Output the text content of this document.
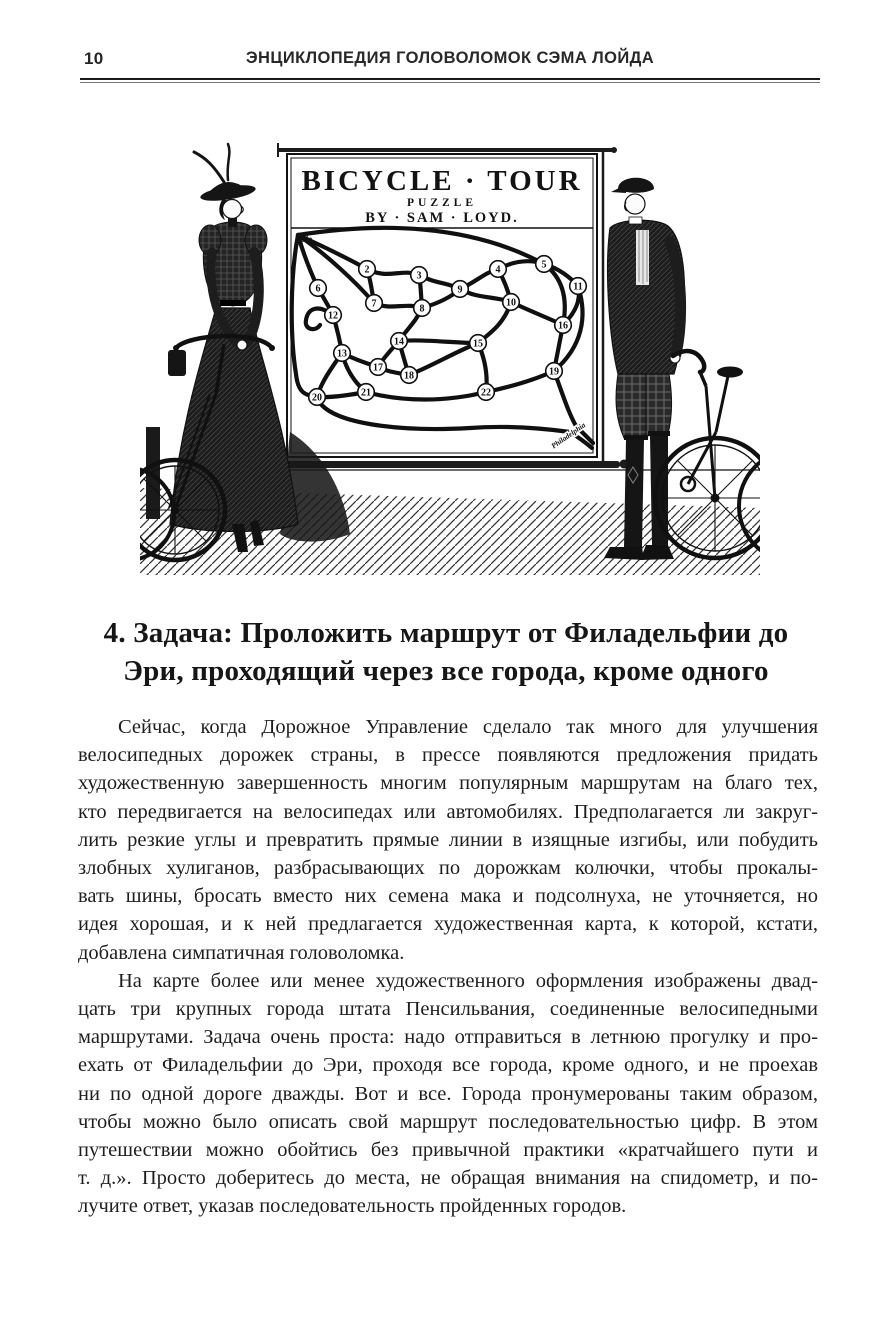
10	ЭНЦИКЛОПЕДИЯ ГОЛОВОЛОМОК СЭМА ЛОЙДА
BICYCLE · TOUR
PUZZLE
BY · SAM · LOYD.
Erie
2
3
4	5
6
7	8
9
10
11
12
13
14	15
16
17
18	19
20	21	22
Philadelphia
4. Задача: Проложить маршрут от Филадельфии до
Эри, проходящий через все города, кроме одного
Сейчас, когда Дорожное Управление сделало так много для улучшения
велосипедных дорожек страны, в прессе появляются предложения придать
художественную завершенность многим популярным маршрутам на благо тех,
кто передвигается на велосипедах или автомобилях. Предполагается ли закруг-
лить резкие углы и превратить прямые линии в изящные изгибы, или побудить
злобных хулиганов, разбрасывающих по дорожкам колючки, чтобы прокалы-
вать шины, бросать вместо них семена мака и подсолнуха, не уточняется, но
идея хорошая, и к ней предлагается художественная карта, к которой, кстати,
добавлена симпатичная головоломка.
На карте более или менее художественного оформления изображены двад-
цать три крупных города штата Пенсильвания, соединенные велосипедными
маршрутами. Задача очень проста: надо отправиться в летнюю прогулку и про-
ехать от Филадельфии до Эри, проходя все города, кроме одного, и не проехав
ни по одной дороге дважды. Вот и все. Города пронумерованы таким образом,
чтобы можно было описать свой маршрут последовательностью цифр. В этом
путешествии можно обойтись без привычной практики «кратчайшего пути и
т. д.». Просто доберитесь до места, не обращая внимания на спидометр, и по-
лучите ответ, указав последовательность пройденных городов.
